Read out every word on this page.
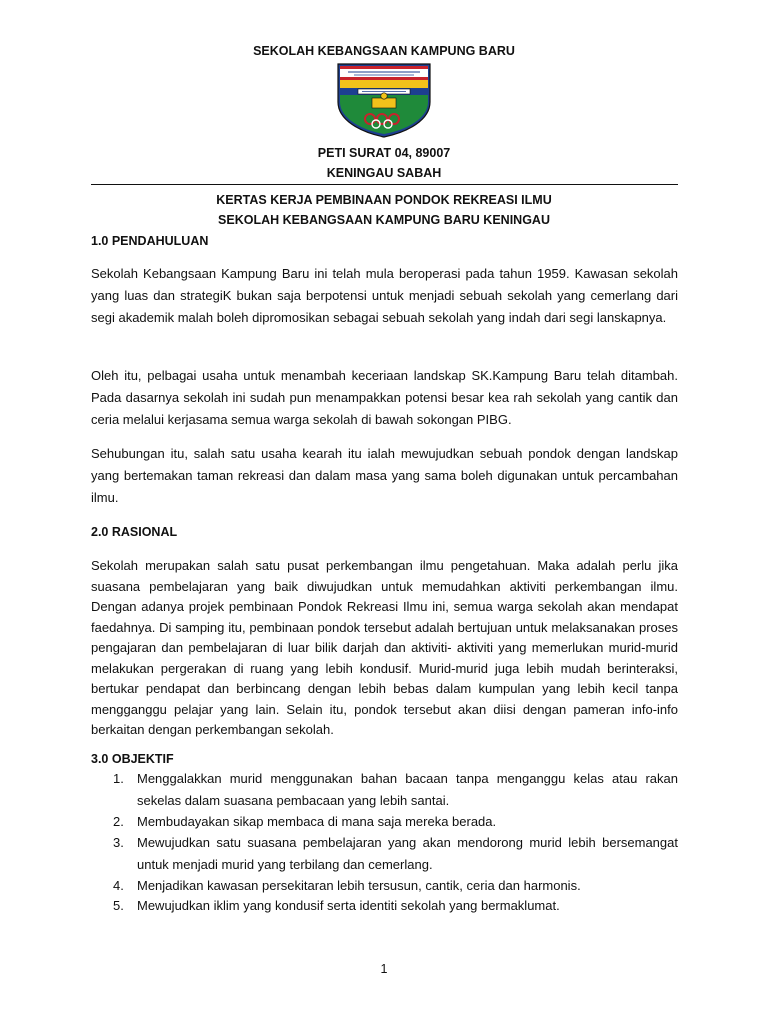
SEKOLAH KEBANGSAAN KAMPUNG BARU
PETI SURAT 04, 89007
KENINGAU SABAH
KERTAS KERJA PEMBINAAN PONDOK REKREASI ILMU
SEKOLAH KEBANGSAAN KAMPUNG BARU KENINGAU
1.0 PENDAHULUAN

Sekolah Kebangsaan Kampung Baru ini telah mula beroperasi pada tahun 1959. Kawasan sekolah yang luas dan strategiK bukan saja berpotensi untuk menjadi sebuah sekolah yang cemerlang dari segi akademik malah boleh dipromosikan sebagai sebuah sekolah yang indah dari segi lanskapnya.

Oleh itu, pelbagai usaha untuk menambah keceriaan landskap SK.Kampung Baru telah ditambah. Pada dasarnya sekolah ini sudah pun menampakkan potensi besar kea rah sekolah yang cantik dan ceria melalui kerjasama semua warga sekolah di bawah sokongan PIBG.

Sehubungan itu, salah satu usaha kearah itu ialah mewujudkan sebuah pondok dengan landskap yang bertemakan taman rekreasi dan dalam masa yang sama boleh digunakan untuk percambahan ilmu.

2.0 RASIONAL

Sekolah merupakan salah satu pusat perkembangan ilmu pengetahuan. Maka adalah perlu jika suasana pembelajaran yang baik diwujudkan untuk memudahkan aktiviti perkembangan ilmu. Dengan adanya projek pembinaan Pondok Rekreasi Ilmu ini, semua warga sekolah akan mendapat faedahnya. Di samping itu, pembinaan pondok tersebut adalah bertujuan untuk melaksanakan proses pengajaran dan pembelajaran di luar bilik darjah dan aktiviti- aktiviti yang memerlukan murid-murid melakukan pergerakan di ruang yang lebih kondusif. Murid-murid juga lebih mudah berinteraksi, bertukar pendapat dan berbincang dengan lebih bebas dalam kumpulan yang lebih kecil tanpa mengganggu pelajar yang lain. Selain itu, pondok tersebut akan diisi dengan pameran info-info berkaitan dengan perkembangan sekolah.

3.0 OBJEKTIF
1. Menggalakkan murid menggunakan bahan bacaan tanpa menganggu kelas atau rakan sekelas dalam suasana pembacaan yang lebih santai.
2. Membudayakan sikap membaca di mana saja mereka berada.
3. Mewujudkan satu suasana pembelajaran yang akan mendorong murid lebih bersemangat untuk menjadi murid yang terbilang dan cemerlang.
4. Menjadikan kawasan persekitaran lebih tersusun, cantik, ceria dan harmonis.
5. Mewujudkan iklim yang kondusif serta identiti sekolah yang bermaklumat.
1
